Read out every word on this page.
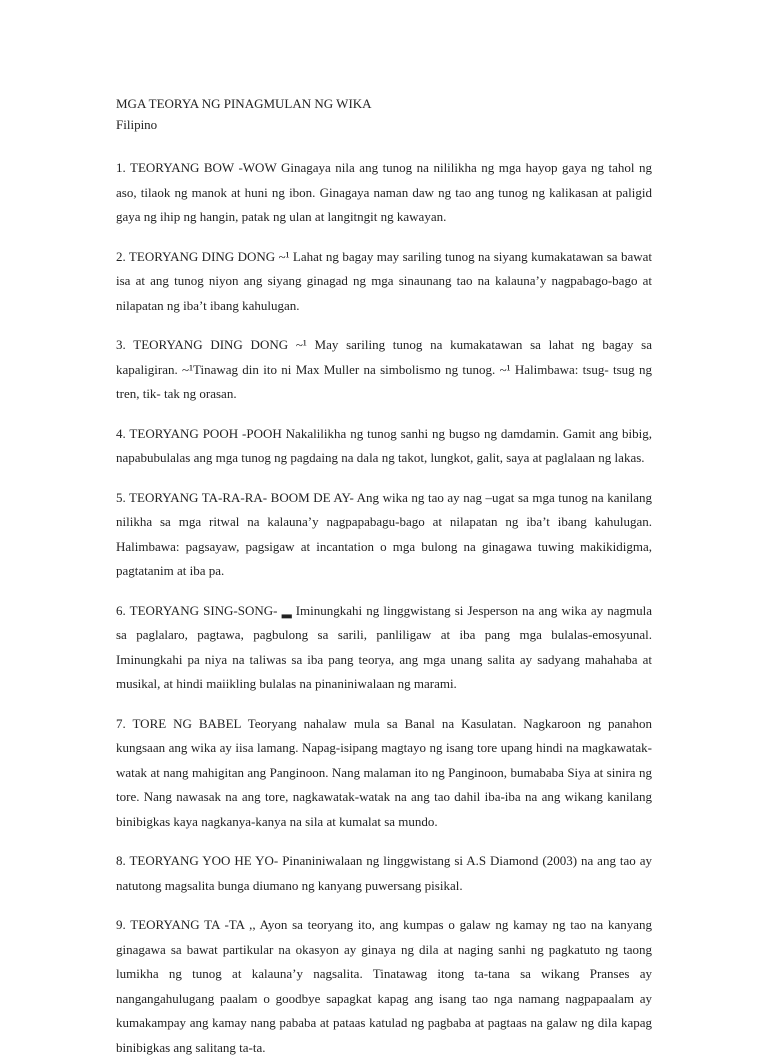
MGA TEORYA NG PINAGMULAN NG WIKA
Filipino

1. TEORYANG BOW -WOW Ginagaya nila ang tunog na nililikha ng mga hayop gaya ng tahol ng aso, tilaok ng manok at huni ng ibon. Ginagaya naman daw ng tao ang tunog ng kalikasan at paligid gaya ng ihip ng hangin, patak ng ulan at langitngit ng kawayan.

2. TEORYANG DING DONG ~¹ Lahat ng bagay may sariling tunog na siyang kumakatawan sa bawat isa at ang tunog niyon ang siyang ginagad ng mga sinaunang tao na kalauna’y nagpabago-bago at nilapatan ng iba’t ibang kahulugan.

3. TEORYANG DING DONG ~¹ May sariling tunog na kumakatawan sa lahat ng bagay sa kapaligiran. ~¹Tinawag din ito ni Max Muller na simbolismo ng tunog. ~¹ Halimbawa: tsug- tsug ng tren, tik- tak ng orasan.

4. TEORYANG POOH -POOH Nakalilikha ng tunog sanhi ng bugso ng damdamin. Gamit ang bibig, napabubulalas ang mga tunog ng pagdaing na dala ng takot, lungkot, galit, saya at paglalaan ng lakas.

5. TEORYANG TA-RA-RA- BOOM DE AY- Ang wika ng tao ay nag –ugat sa mga tunog na kanilang nilikha sa mga ritwal na kalauna’y nagpapabagu-bago at nilapatan ng iba’t ibang kahulugan. Halimbawa: pagsayaw, pagsigaw at incantation o mga bulong na ginagawa tuwing makikidigma, pagtatanim at iba pa.

6. TEORYANG SING-SONG- ▂ Iminungkahi ng linggwistang si Jesperson na ang wika ay nagmula sa paglalaro, pagtawa, pagbulong sa sarili, panliligaw at iba pang mga bulalas-emosyunal. Iminungkahi pa niya na taliwas sa iba pang teorya, ang mga unang salita ay sadyang mahahaba at musikal, at hindi maiikling bulalas na pinaniniwalaan ng marami.

7. TORE NG BABEL Teoryang nahalaw mula sa Banal na Kasulatan. Nagkaroon ng panahon kungsaan ang wika ay iisa lamang. Napag-isipang magtayo ng isang tore upang hindi na magkawatak-watak at nang mahigitan ang Panginoon. Nang malaman ito ng Panginoon, bumababa Siya at sinira ng tore. Nang nawasak na ang tore, nagkawatak-watak na ang tao dahil iba-iba na ang wikang kanilang binibigkas kaya nagkanya-kanya na sila at kumalat sa mundo.

8. TEORYANG YOO HE YO- Pinaniniwalaan ng linggwistang si A.S Diamond (2003) na ang tao ay natutong magsalita bunga diumano ng kanyang puwersang pisikal.

9. TEORYANG TA -TA ,, Ayon sa teoryang ito, ang kumpas o galaw ng kamay ng tao na kanyang ginagawa sa bawat partikular na okasyon ay ginaya ng dila at naging sanhi ng pagkatuto ng taong lumikha ng tunog at kalauna’y nagsalita. Tinatawag itong ta-tana sa wikang Pranses ay nangangahulugang paalam o goodbye sapagkat kapag ang isang tao nga namang nagpapaalam ay kumakampay ang kamay nang pababa at pataas katulad ng pagbaba at pagtaas na galaw ng dila kapag binibigkas ang salitang ta-ta.
